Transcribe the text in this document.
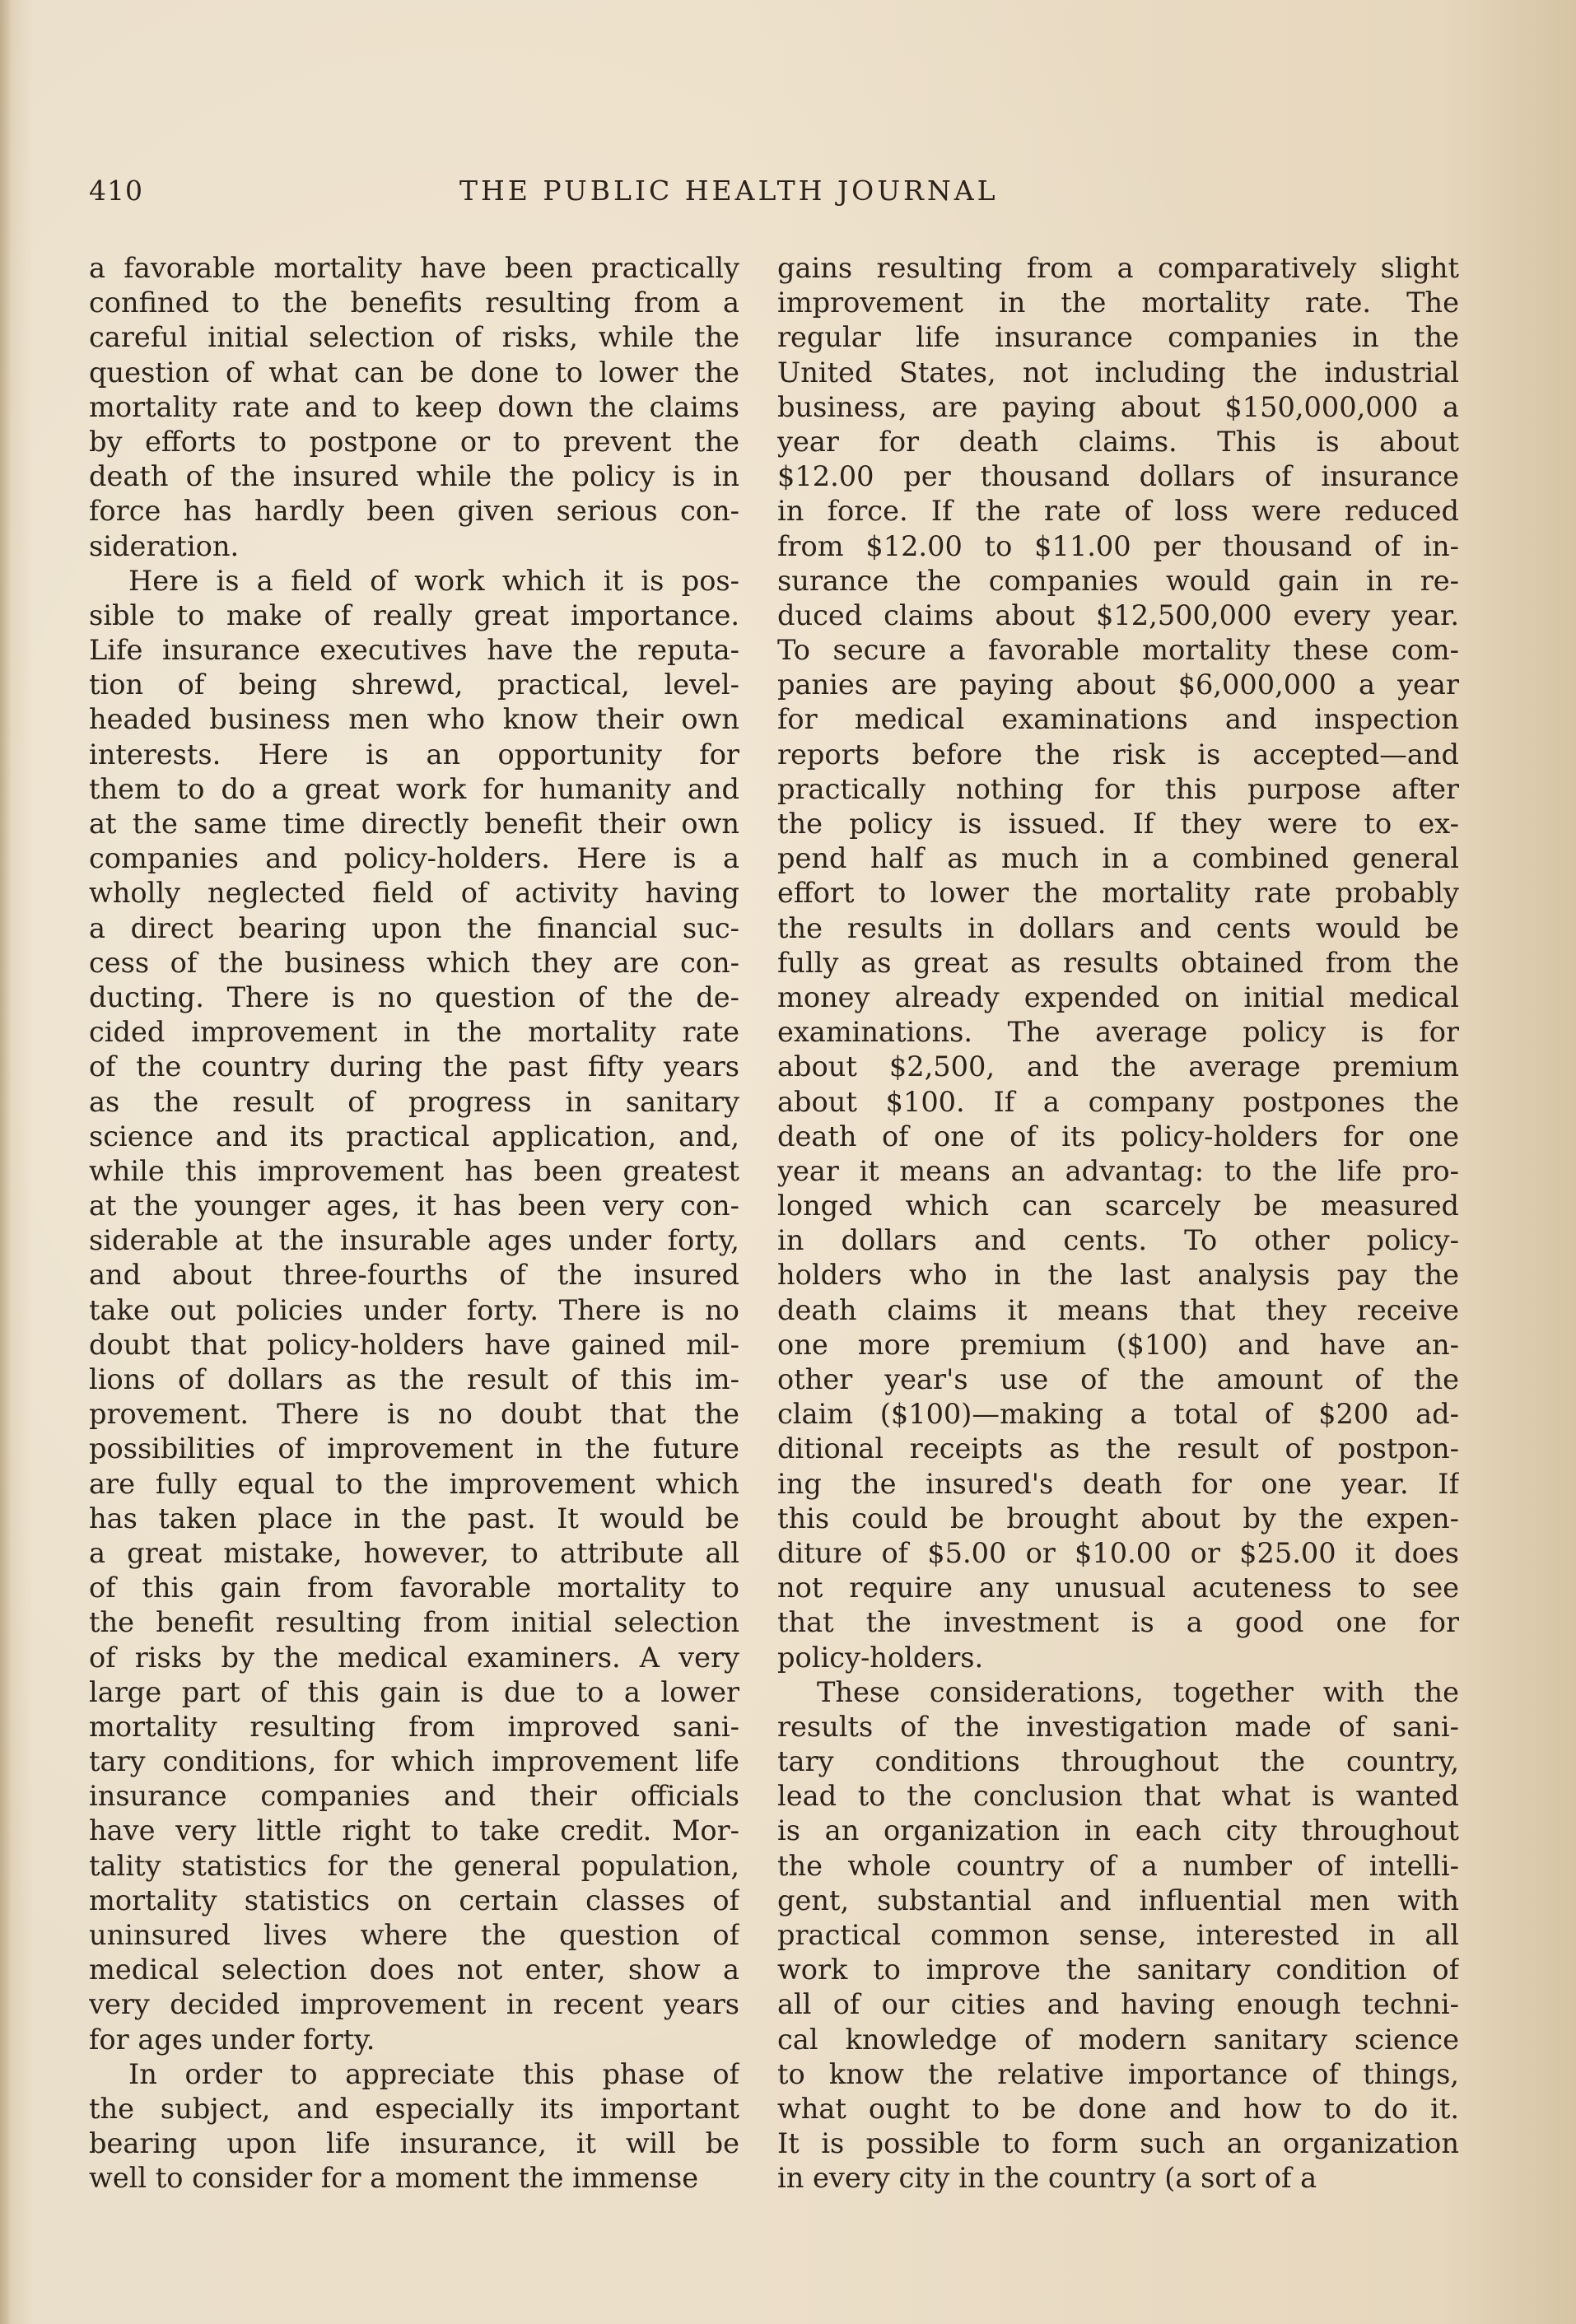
410	THE PUBLIC HEALTH JOURNAL
a favorable mortality have been practically
confined to the benefits resulting from a
careful initial selection of risks, while the
question of what can be done to lower the
mortality rate and to keep down the claims
by efforts to postpone or to prevent the
death of the insured while the policy is in
force has hardly been given serious con-
sideration.
Here is a field of work which it is pos-
sible to make of really great importance.
Life insurance executives have the reputa-
tion of being shrewd, practical, level-
headed business men who know their own
interests. Here is an opportunity for
them to do a great work for humanity and
at the same time directly benefit their own
companies and policy-holders. Here is a
wholly neglected field of activity having
a direct bearing upon the financial suc-
cess of the business which they are con-
ducting. There is no question of the de-
cided improvement in the mortality rate
of the country during the past fifty years
as the result of progress in sanitary
science and its practical application, and,
while this improvement has been greatest
at the younger ages, it has been very con-
siderable at the insurable ages under forty,
and about three-fourths of the insured
take out policies under forty. There is no
doubt that policy-holders have gained mil-
lions of dollars as the result of this im-
provement. There is no doubt that the
possibilities of improvement in the future
are fully equal to the improvement which
has taken place in the past. It would be
a great mistake, however, to attribute all
of this gain from favorable mortality to
the benefit resulting from initial selection
of risks by the medical examiners. A very
large part of this gain is due to a lower
mortality resulting from improved sani-
tary conditions, for which improvement life
insurance companies and their officials
have very little right to take credit. Mor-
tality statistics for the general population,
mortality statistics on certain classes of
uninsured lives where the question of
medical selection does not enter, show a
very decided improvement in recent years
for ages under forty.
In order to appreciate this phase of
the subject, and especially its important
bearing upon life insurance, it will be
well to consider for a moment the immense
gains resulting from a comparatively slight
improvement in the mortality rate. The
regular life insurance companies in the
United States, not including the industrial
business, are paying about $150,000,000 a
year for death claims. This is about
$12.00 per thousand dollars of insurance
in force. If the rate of loss were reduced
from $12.00 to $11.00 per thousand of in-
surance the companies would gain in re-
duced claims about $12,500,000 every year.
To secure a favorable mortality these com-
panies are paying about $6,000,000 a year
for medical examinations and inspection
reports before the risk is accepted—and
practically nothing for this purpose after
the policy is issued. If they were to ex-
pend half as much in a combined general
effort to lower the mortality rate probably
the results in dollars and cents would be
fully as great as results obtained from the
money already expended on initial medical
examinations. The average policy is for
about $2,500, and the average premium
about $100. If a company postpones the
death of one of its policy-holders for one
year it means an advantag: to the life pro-
longed which can scarcely be measured
in dollars and cents. To other policy-
holders who in the last analysis pay the
death claims it means that they receive
one more premium ($100) and have an-
other year's use of the amount of the
claim ($100)—making a total of $200 ad-
ditional receipts as the result of postpon-
ing the insured's death for one year. If
this could be brought about by the expen-
diture of $5.00 or $10.00 or $25.00 it does
not require any unusual acuteness to see
that the investment is a good one for
policy-holders.
These considerations, together with the
results of the investigation made of sani-
tary conditions throughout the country,
lead to the conclusion that what is wanted
is an organization in each city throughout
the whole country of a number of intelli-
gent, substantial and influential men with
practical common sense, interested in all
work to improve the sanitary condition of
all of our cities and having enough techni-
cal knowledge of modern sanitary science
to know the relative importance of things,
what ought to be done and how to do it.
It is possible to form such an organization
in every city in the country (a sort of a
